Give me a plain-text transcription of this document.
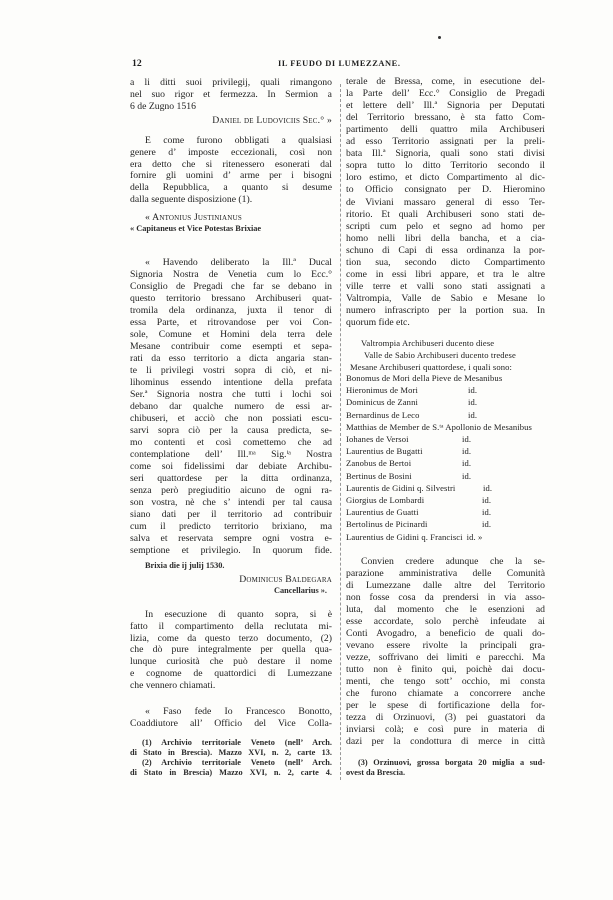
12	IL FEUDO DI LUMEZZANE.
a li ditti suoi privilegij, quali rimangono
nel suo rigor et fermezza. In Sermion a
6 de Zugno 1516
Daniel de Ludoviciis Sec.° »
E come furono obbligati a qualsiasi
genere d’ imposte eccezionali, così non
era detto che si ritenessero esonerati dal
fornire gli uomini d’ arme per i bisogni
della Repubblica, a quanto si desume
dalla seguente disposizione (1).
« Antonius Justinianus
« Capitaneus et Vice Potestas Brixiae
« Havendo deliberato la Ill.ª Ducal
Signoria Nostra de Venetia cum lo Ecc.°
Consiglio de Pregadi che far se debano in
questo territorio bressano Archibuseri quat-
tromila dela ordinanza, juxta il tenor di
essa Parte, et ritrovandose per voi Con-
sole, Comune et Homini dela terra dele
Mesane contribuir come esempti et sepa-
rati da esso territorio a dicta angaria stan-
te li privilegi vostri sopra di ciò, et ni-
lihominus essendo intentione della prefata
Ser.ª Signoria nostra che tutti i lochi soi
debano dar qualche numero de essi ar-
chibuseri, et acciò che non possiati escu-
sarvi sopra ciò per la causa predicta, se-
mo contenti et così comettemo che ad
contemplatione dell’ Ill.ᵐᵃ Sig.ⁱᵃ Nostra
come soi fidelissimi dar debiate Archibu-
seri quattordese per la ditta ordinanza,
senza però pregiuditio aicuno de ogni ra-
son vostra, nè che s’ intendi per tal causa
siano dati per il territorio ad contribuir
cum il predicto territorio brixiano, ma
salva et reservata sempre ogni vostra e-
semptione et privilegio. In quorum fide.
Brixia die ij julij 1530.
Dominicus Baldegara
Cancellarius ».
In esecuzione di quanto sopra, si è
fatto il compartimento della reclutata mi-
lizia, come da questo terzo documento, (2)
che dò pure integralmente per quella qua-
lunque curiosità che può destare il nome
e cognome de quattordici di Lumezzane
che vennero chiamati.
« Faso fede Io Francesco Bonotto,
Coaddiutore all’ Officio del Vice Colla-
(1) Archivio territoriale Veneto (nell’ Arch.
di Stato in Brescia). Mazzo XVI, n. 2, carte 13.
(2) Archivio territoriale Veneto (nell’ Arch.
di Stato in Brescia) Mazzo XVI, n. 2, carte 4.
terale de Bressa, come, in esecutione del-
la Parte dell’ Ecc.° Consiglio de Pregadi
et lettere dell’ Ill.ª Signoria per Deputati
del Territorio bressano, è sta fatto Com-
partimento delli quattro mila Archibuseri
ad esso Territorio assignati per la preli-
bata Ill.ª Signoria, quali sono stati divisi
sopra tutto lo ditto Territorio secondo il
loro estimo, et dicto Compartimento al dic-
to Officio consignato per D. Hieromino
de Viviani massaro general di esso Ter-
ritorio. Et quali Archibuseri sono stati de-
scripti cum pelo et segno ad homo per
homo nelli libri della bancha, et a cia-
schuno di Capi di essa ordinanza la por-
tion sua, secondo dicto Compartimento
come in essi libri appare, et tra le altre
ville terre et valli sono stati assignati a
Valtrompia, Valle de Sabio e Mesane lo
numero infrascripto per la portion sua. In
quorum fide etc.
Valtrompia Archibuseri ducento diese
Valle de Sabio Archibuseri ducento tredese
Mesane Archibuseri quattordese, i quali sono:
Bonomus de Mori della Pieve de Mesanibus
Hieronimus de Mori	id.
Dominicus de Zanni	id.
Bernardinus de Leco	id.
Matthias de Member de S.ᵗᵃ Apollonio de Mesanibus
Iohanes de Versoi	id.
Laurentius de Bugatti	id.
Zanobus de Bertoi	id.
Bertinus de Bosini	id.
Laurentis de Gidini q. Silvestri	id.
Giorgius de Lombardi	id.
Laurentius de Guatti	id.
Bertolinus de Picinardi	id.
Laurentius de Gidini q. Francisci id. »
Convien credere adunque che la se-
parazione amministrativa delle Comunità
di Lumezzane dalle altre del Territorio
non fosse cosa da prendersi in via asso-
luta, dal momento che le esenzioni ad
esse accordate, solo perchè infeudate ai
Conti Avogadro, a beneficio de quali do-
vevano essere rivolte la principali gra-
vezze, soffrivano dei limiti e parecchi. Ma
tutto non è finito qui, poichè dai docu-
menti, che tengo sott’ occhio, mi consta
che furono chiamate a concorrere anche
per le spese di fortificazione della for-
tezza di Orzinuovi, (3) pei guastatori da
inviarsi colà; e così pure in materia di
dazi per la condottura di merce in città
(3) Orzinuovi, grossa borgata 20 miglia a sud-
ovest da Brescia.
